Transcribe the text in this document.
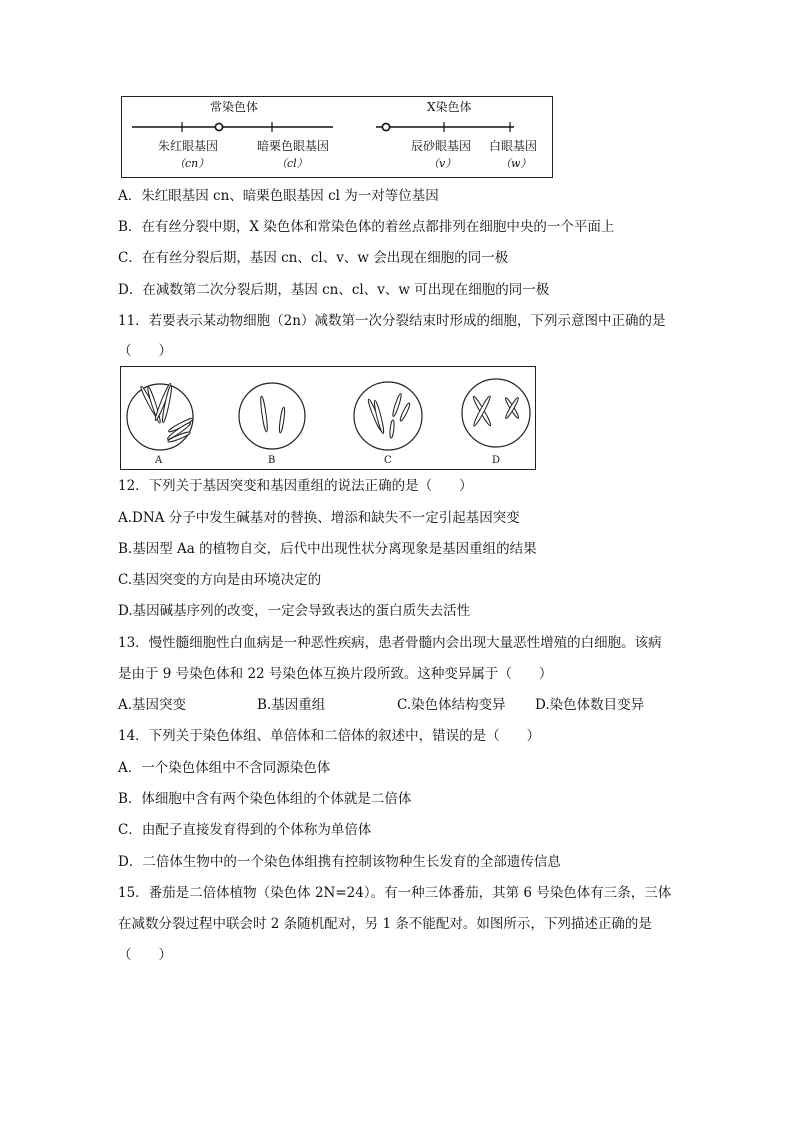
常染色体	X染色体
朱红眼基因
（cn）
暗栗色眼基因
（cl）
辰砂眼基因
（v）
白眼基因
（w）
A．朱红眼基因 cn、暗栗色眼基因 cl 为一对等位基因
B．在有丝分裂中期，X 染色体和常染色体的着丝点都排列在细胞中央的一个平面上
C．在有丝分裂后期，基因 cn、cl、v、w 会出现在细胞的同一极
D．在减数第二次分裂后期，基因 cn、cl、v、w 可出现在细胞的同一极
11．若要表示某动物细胞（2n）减数第一次分裂结束时形成的细胞，下列示意图中正确的是
（　　）
A	B	C	D
12．下列关于基因突变和基因重组的说法正确的是（　　）
A.DNA 分子中发生碱基对的替换、增添和缺失不一定引起基因突变
B.基因型 Aa 的植物自交，后代中出现性状分离现象是基因重组的结果
C.基因突变的方向是由环境决定的
D.基因碱基序列的改变，一定会导致表达的蛋白质失去活性
13．慢性髓细胞性白血病是一种恶性疾病，患者骨髓内会出现大量恶性增殖的白细胞。该病
是由于 9 号染色体和 22 号染色体互换片段所致。这种变异属于（　　）
A.基因突变	B.基因重组	C.染色体结构变异 D.染色体数目变异
14．下列关于染色体组、单倍体和二倍体的叙述中，错误的是（　　）
A．一个染色体组中不含同源染色体
B．体细胞中含有两个染色体组的个体就是二倍体
C．由配子直接发育得到的个体称为单倍体
D．二倍体生物中的一个染色体组携有控制该物种生长发育的全部遗传信息
15．番茄是二倍体植物（染色体 2N=24）。有一种三体番茄，其第 6 号染色体有三条，三体
在减数分裂过程中联会时 2 条随机配对，另 1 条不能配对。如图所示，下列描述正确的是
（　　）
